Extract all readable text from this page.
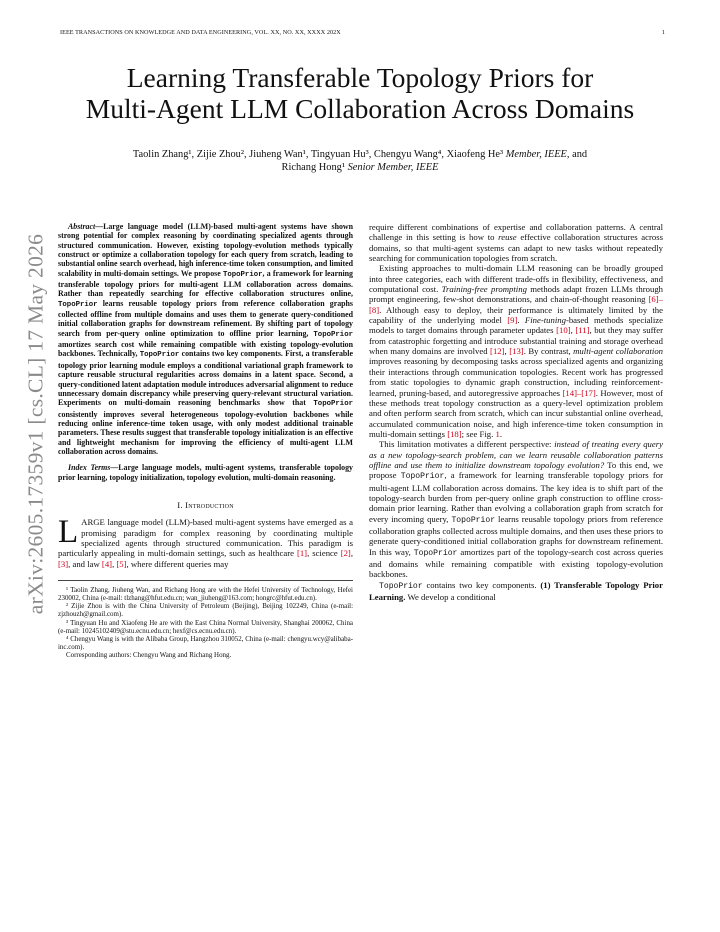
IEEE TRANSACTIONS ON KNOWLEDGE AND DATA ENGINEERING, VOL. XX, NO. XX, XXXX 202X	1
arXiv:2605.17359v1 [cs.CL] 17 May 2026
Learning Transferable Topology Priors for
Multi-Agent LLM Collaboration Across Domains
Taolin Zhang¹, Zijie Zhou², Jiuheng Wan¹, Tingyuan Hu³, Chengyu Wang⁴, Xiaofeng He³ Member, IEEE, and
Richang Hong¹ Senior Member, IEEE

Abstract—Large language model (LLM)-based multi-agent systems have shown strong potential for complex reasoning by coordinating specialized agents through structured communication. However, existing topology-evolution methods typically construct or optimize a collaboration topology for each query from scratch, leading to substantial online search overhead, high inference-time token consumption, and limited scalability in multi-domain settings. We propose TopoPrior, a framework for learning transferable topology priors for multi-agent LLM collaboration across domains. Rather than repeatedly searching for effective collaboration structures online, TopoPrior learns reusable topology priors from reference collaboration graphs collected offline from multiple domains and uses them to generate query-conditioned initial collaboration graphs for downstream refinement. By shifting part of topology search from per-query online optimization to offline prior learning, TopoPrior amortizes search cost while remaining compatible with existing topology-evolution backbones. Technically, TopoPrior contains two key components. First, a transferable topology prior learning module employs a conditional variational graph framework to capture reusable structural regularities across domains in a latent space. Second, a query-conditioned latent adaptation module introduces adversarial alignment to reduce unnecessary domain discrepancy while preserving query-relevant structural variation. Experiments on multi-domain reasoning benchmarks show that TopoPrior consistently improves several heterogeneous topology-evolution backbones while reducing online inference-time token usage, with only modest additional trainable parameters. These results suggest that transferable topology initialization is an effective and lightweight mechanism for improving the efficiency of multi-agent LLM collaboration across domains.

Index Terms—Large language models, multi-agent systems, transferable topology prior learning, topology initialization, topology evolution, multi-domain reasoning.

I. Introduction

LARGE language model (LLM)-based multi-agent systems have emerged as a promising paradigm for complex reasoning by coordinating multiple specialized agents through structured communication. This paradigm is particularly appealing in multi-domain settings, such as healthcare [1], science [2], [3], and law [4], [5], where different queries may

¹ Taolin Zhang, Jiuheng Wan, and Richang Hong are with the Hefei University of Technology, Hefei 230002, China (e-mail: tlzhang@hfut.edu.cn; wan_jiuheng@163.com; hongrc@hfut.edu.cn).

² Zijie Zhou is with the China University of Petroleum (Beijing), Beijing 102249, China (e-mail: zjzhouzh@gmail.com).

³ Tingyuan Hu and Xiaofeng He are with the East China Normal University, Shanghai 200062, China (e-mail: 10245102409@stu.ecnu.edu.cn; hexf@cs.ecnu.edu.cn).

⁴ Chengyu Wang is with the Alibaba Group, Hangzhou 310052, China (e-mail: chengyu.wcy@alibaba-inc.com).

Corresponding authors: Chengyu Wang and Richang Hong.

require different combinations of expertise and collaboration patterns. A central challenge in this setting is how to reuse effective collaboration structures across domains, so that multi-agent systems can adapt to new tasks without repeatedly searching for communication topologies from scratch.

Existing approaches to multi-domain LLM reasoning can be broadly grouped into three categories, each with different trade-offs in flexibility, effectiveness, and computational cost. Training-free prompting methods adapt frozen LLMs through prompt engineering, few-shot demonstrations, and chain-of-thought reasoning [6]–[8]. Although easy to deploy, their performance is ultimately limited by the capability of the underlying model [9]. Fine-tuning-based methods specialize models to target domains through parameter updates [10], [11], but they may suffer from catastrophic forgetting and introduce substantial training and storage overhead when many domains are involved [12], [13]. By contrast, multi-agent collaboration improves reasoning by decomposing tasks across specialized agents and organizing their interactions through communication topologies. Recent work has progressed from static topologies to dynamic graph construction, including reinforcement-learned, pruning-based, and autoregressive approaches [14]–[17]. However, most of these methods treat topology construction as a query-level optimization problem and often perform search from scratch, which can incur substantial online overhead, accumulated communication noise, and high inference-time token consumption in multi-domain settings [18]; see Fig. 1.

This limitation motivates a different perspective: instead of treating every query as a new topology-search problem, can we learn reusable collaboration patterns offline and use them to initialize downstream topology evolution? To this end, we propose TopoPrior, a framework for learning transferable topology priors for multi-agent LLM collaboration across domains. The key idea is to shift part of the topology-search burden from per-query online graph construction to offline cross-domain prior learning. Rather than evolving a collaboration graph from scratch for every incoming query, TopoPrior learns reusable topology priors from reference collaboration graphs collected across multiple domains, and then uses these priors to generate query-conditioned initial collaboration graphs for downstream refinement. In this way, TopoPrior amortizes part of the topology-search cost across queries and domains while remaining compatible with existing topology-evolution backbones.

TopoPrior contains two key components. (1) Transferable Topology Prior Learning. We develop a conditional
